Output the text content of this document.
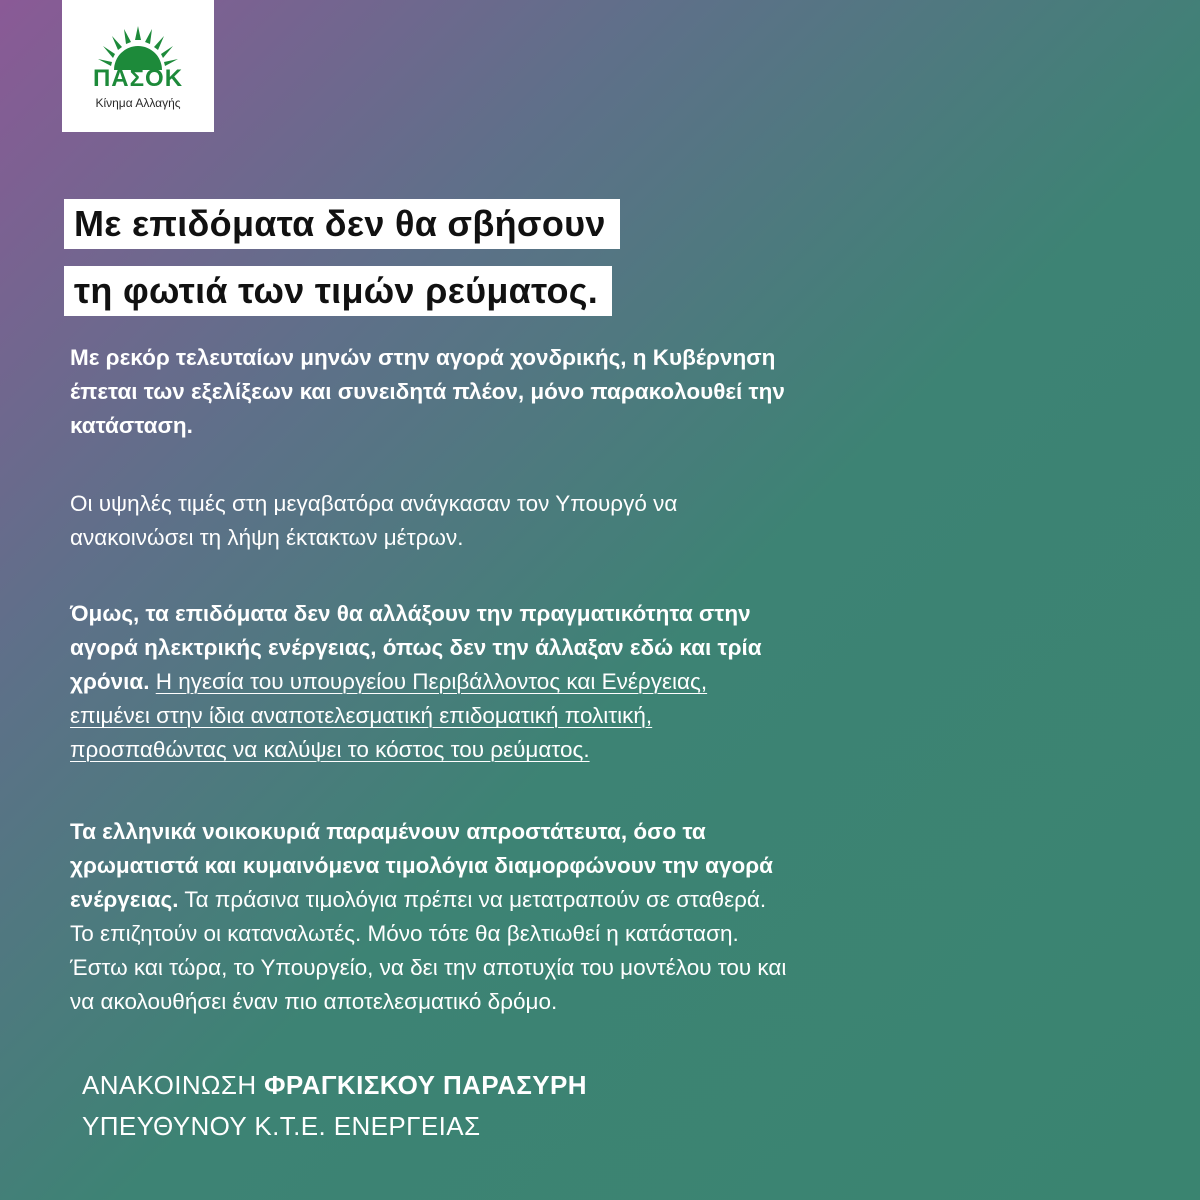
ΠΑΣΟΚ
Κίνημα Αλλαγής
Με επιδόματα δεν θα σβήσουν
τη φωτιά των τιμών ρεύματος.
Με ρεκόρ τελευταίων μηνών στην αγορά χονδρικής, η Κυβέρνηση
έπεται των εξελίξεων και συνειδητά πλέον, μόνο παρακολουθεί την
κατάσταση.
Οι υψηλές τιμές στη μεγαβατόρα ανάγκασαν τον Υπουργό να
ανακοινώσει τη λήψη έκτακτων μέτρων.
Όμως, τα επιδόματα δεν θα αλλάξουν την πραγματικότητα στην
αγορά ηλεκτρικής ενέργειας, όπως δεν την άλλαξαν εδώ και τρία
χρόνια. Η ηγεσία του υπουργείου Περιβάλλοντος και Ενέργειας,
επιμένει στην ίδια αναποτελεσματική επιδοματική πολιτική,
προσπαθώντας να καλύψει το κόστος του ρεύματος.
Τα ελληνικά νοικοκυριά παραμένουν απροστάτευτα, όσο τα
χρωματιστά και κυμαινόμενα τιμολόγια διαμορφώνουν την αγορά
ενέργειας. Τα πράσινα τιμολόγια πρέπει να μετατραπούν σε σταθερά.
Το επιζητούν οι καταναλωτές. Μόνο τότε θα βελτιωθεί η κατάσταση.
Έστω και τώρα, το Υπουργείο, να δει την αποτυχία του μοντέλου του και
να ακολουθήσει έναν πιο αποτελεσματικό δρόμο.
ΑΝΑΚΟΙΝΩΣΗ ΦΡΑΓΚΙΣΚΟΥ ΠΑΡΑΣΥΡΗ
ΥΠΕΥΘΥΝΟΥ Κ.Τ.Ε. ΕΝΕΡΓΕΙΑΣ
